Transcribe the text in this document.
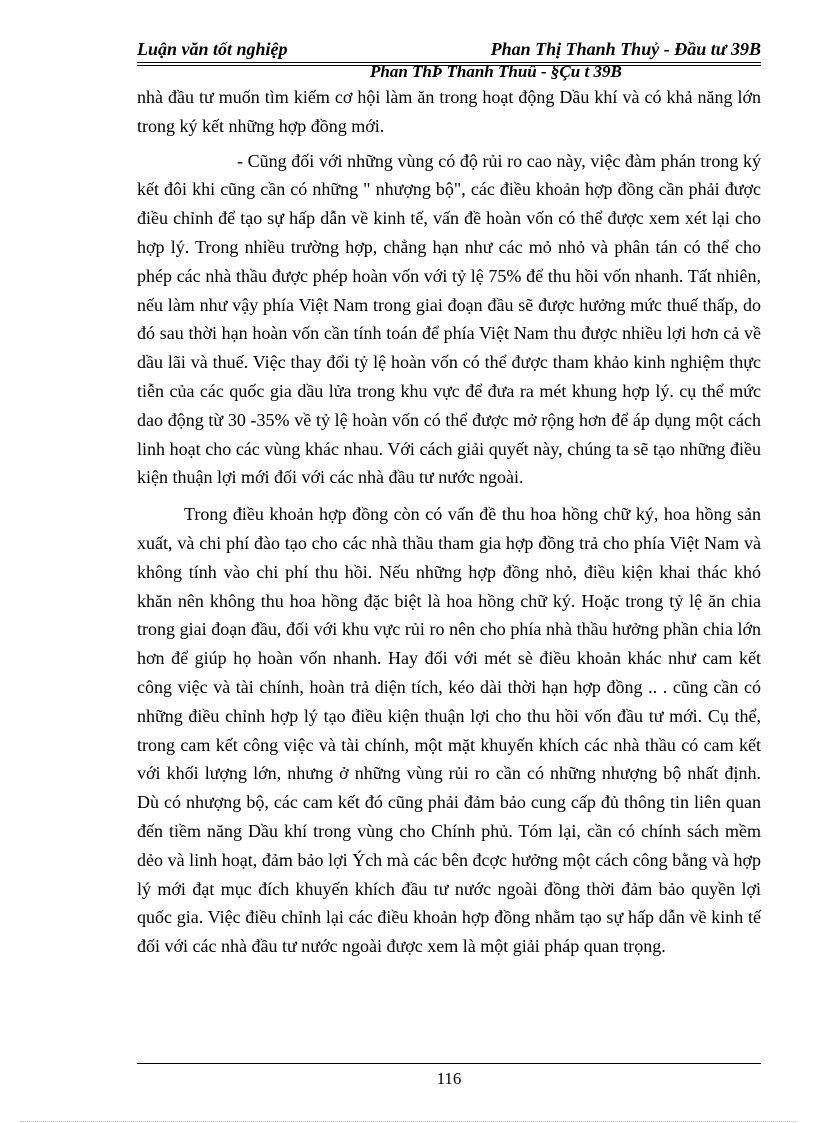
Luận văn tốt nghiệp	Phan Thị Thanh Thuỷ - Đầu tư 39B
Phan ThÞ Thanh Thuû - §Çu t 39B

nhà đầu tư muốn tìm kiếm cơ hội làm ăn trong hoạt động Dầu khí và có khả năng lớn trong ký kết những hợp đồng mới.

- Cũng đối với những vùng có độ rủi ro cao này, việc đàm phán trong ký kết đôi khi cũng cần có những " nhượng bộ", các điều khoản hợp đồng cần phải được điều chỉnh để tạo sự hấp dẫn về kinh tế, vấn đề hoàn vốn có thể được xem xét lại cho hợp lý. Trong nhiều trường hợp, chẳng hạn như các mỏ nhỏ và phân tán có thể cho phép các nhà thầu được phép hoàn vốn với tỷ lệ 75% để thu hồi vốn nhanh. Tất nhiên, nếu làm như vậy phía Việt Nam trong giai đoạn đầu sẽ được hưởng mức thuế thấp, do đó sau thời hạn hoàn vốn cần tính toán để phía Việt Nam thu được nhiều lợi hơn cả về dầu lãi và thuế. Việc thay đổi tỷ lệ hoàn vốn có thể được tham khảo kinh nghiệm thực tiễn của các quốc gia dầu lửa trong khu vực để đưa ra mét khung hợp lý. cụ thể mức dao động từ 30 -35% về tỷ lệ hoàn vốn có thể được mở rộng hơn để áp dụng một cách linh hoạt cho các vùng khác nhau. Với cách giải quyết này, chúng ta sẽ tạo những điều kiện thuận lợi mới đối với các nhà đầu tư nước ngoài.

Trong điều khoản hợp đồng còn có vấn đề thu hoa hồng chữ ký, hoa hồng sản xuất, và chi phí đào tạo cho các nhà thầu tham gia hợp đồng trả cho phía Việt Nam và không tính vào chi phí thu hồi. Nếu những hợp đồng nhỏ, điều kiện khai thác khó khăn nên không thu hoa hồng đặc biệt là hoa hồng chữ ký. Hoặc trong tỷ lệ ăn chia trong giai đoạn đầu, đối với khu vực rủi ro nên cho phía nhà thầu hưởng phần chia lớn hơn để giúp họ hoàn vốn nhanh. Hay đối với mét sè điều khoản khác như cam kết công việc và tài chính, hoàn trả diện tích, kéo dài thời hạn hợp đồng .. . cũng cần có những điều chỉnh hợp lý tạo điều kiện thuận lợi cho thu hồi vốn đầu tư mới. Cụ thể, trong cam kết công việc và tài chính, một mặt khuyến khích các nhà thầu có cam kết với khối lượng lớn, nhưng ở những vùng rủi ro cần có những nhượng bộ nhất định. Dù có nhượng bộ, các cam kết đó cũng phải đảm bảo cung cấp đủ thông tin liên quan đến tiềm năng Dầu khí trong vùng cho Chính phủ. Tóm lại, cần có chính sách mềm dẻo và linh hoạt, đảm bảo lợi Ých mà các bên đcợc hưởng một cách công bằng và hợp lý mới đạt mục đích khuyến khích đầu tư nước ngoài đồng thời đảm bảo quyền lợi quốc gia. Việc điều chỉnh lại các điều khoản hợp đồng nhằm tạo sự hấp dẫn về kinh tế đối với các nhà đầu tư nước ngoài được xem là một giải pháp quan trọng.

116
